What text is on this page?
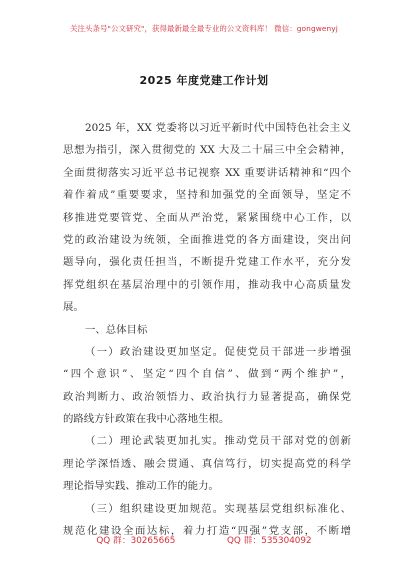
关注头条号"公文研究"，获得最新最全最专业的公文资料库！ 微信：gongwenyj
2025 年度党建工作计划
2025 年，XX 党委将以习近平新时代中国特色社会主义
思想为指引，深入贯彻党的 XX 大及二十届三中全会精神，
全面贯彻落实习近平总书记视察 XX 重要讲话精神和“四个
着作着成”重要要求，坚持和加强党的全面领导，坚定不
移推进党要管党、全面从严治党，紧紧围绕中心工作，以
党的政治建设为统领，全面推进党的各方面建设，突出问
题导向，强化责任担当，不断提升党建工作水平，充分发
挥党组织在基层治理中的引领作用，推动我中心高质量发
展。
一、总体目标
（一）政治建设更加坚定。促使党员干部进一步增强
“四个意识”、坚定“四个自信”、做到“两个维护”，
政治判断力、政治领悟力、政治执行力显著提高，确保党
的路线方针政策在我中心落地生根。
（二）理论武装更加扎实。推动党员干部对党的创新
理论学深悟透、融会贯通、真信笃行，切实提高党的科学
理论指导实践、推动工作的能力。
（三）组织建设更加规范。实现基层党组织标准化、
规范化建设全面达标，着力打造“四强”党支部，不断增
QQ 群：30265665	QQ 群：535304092
